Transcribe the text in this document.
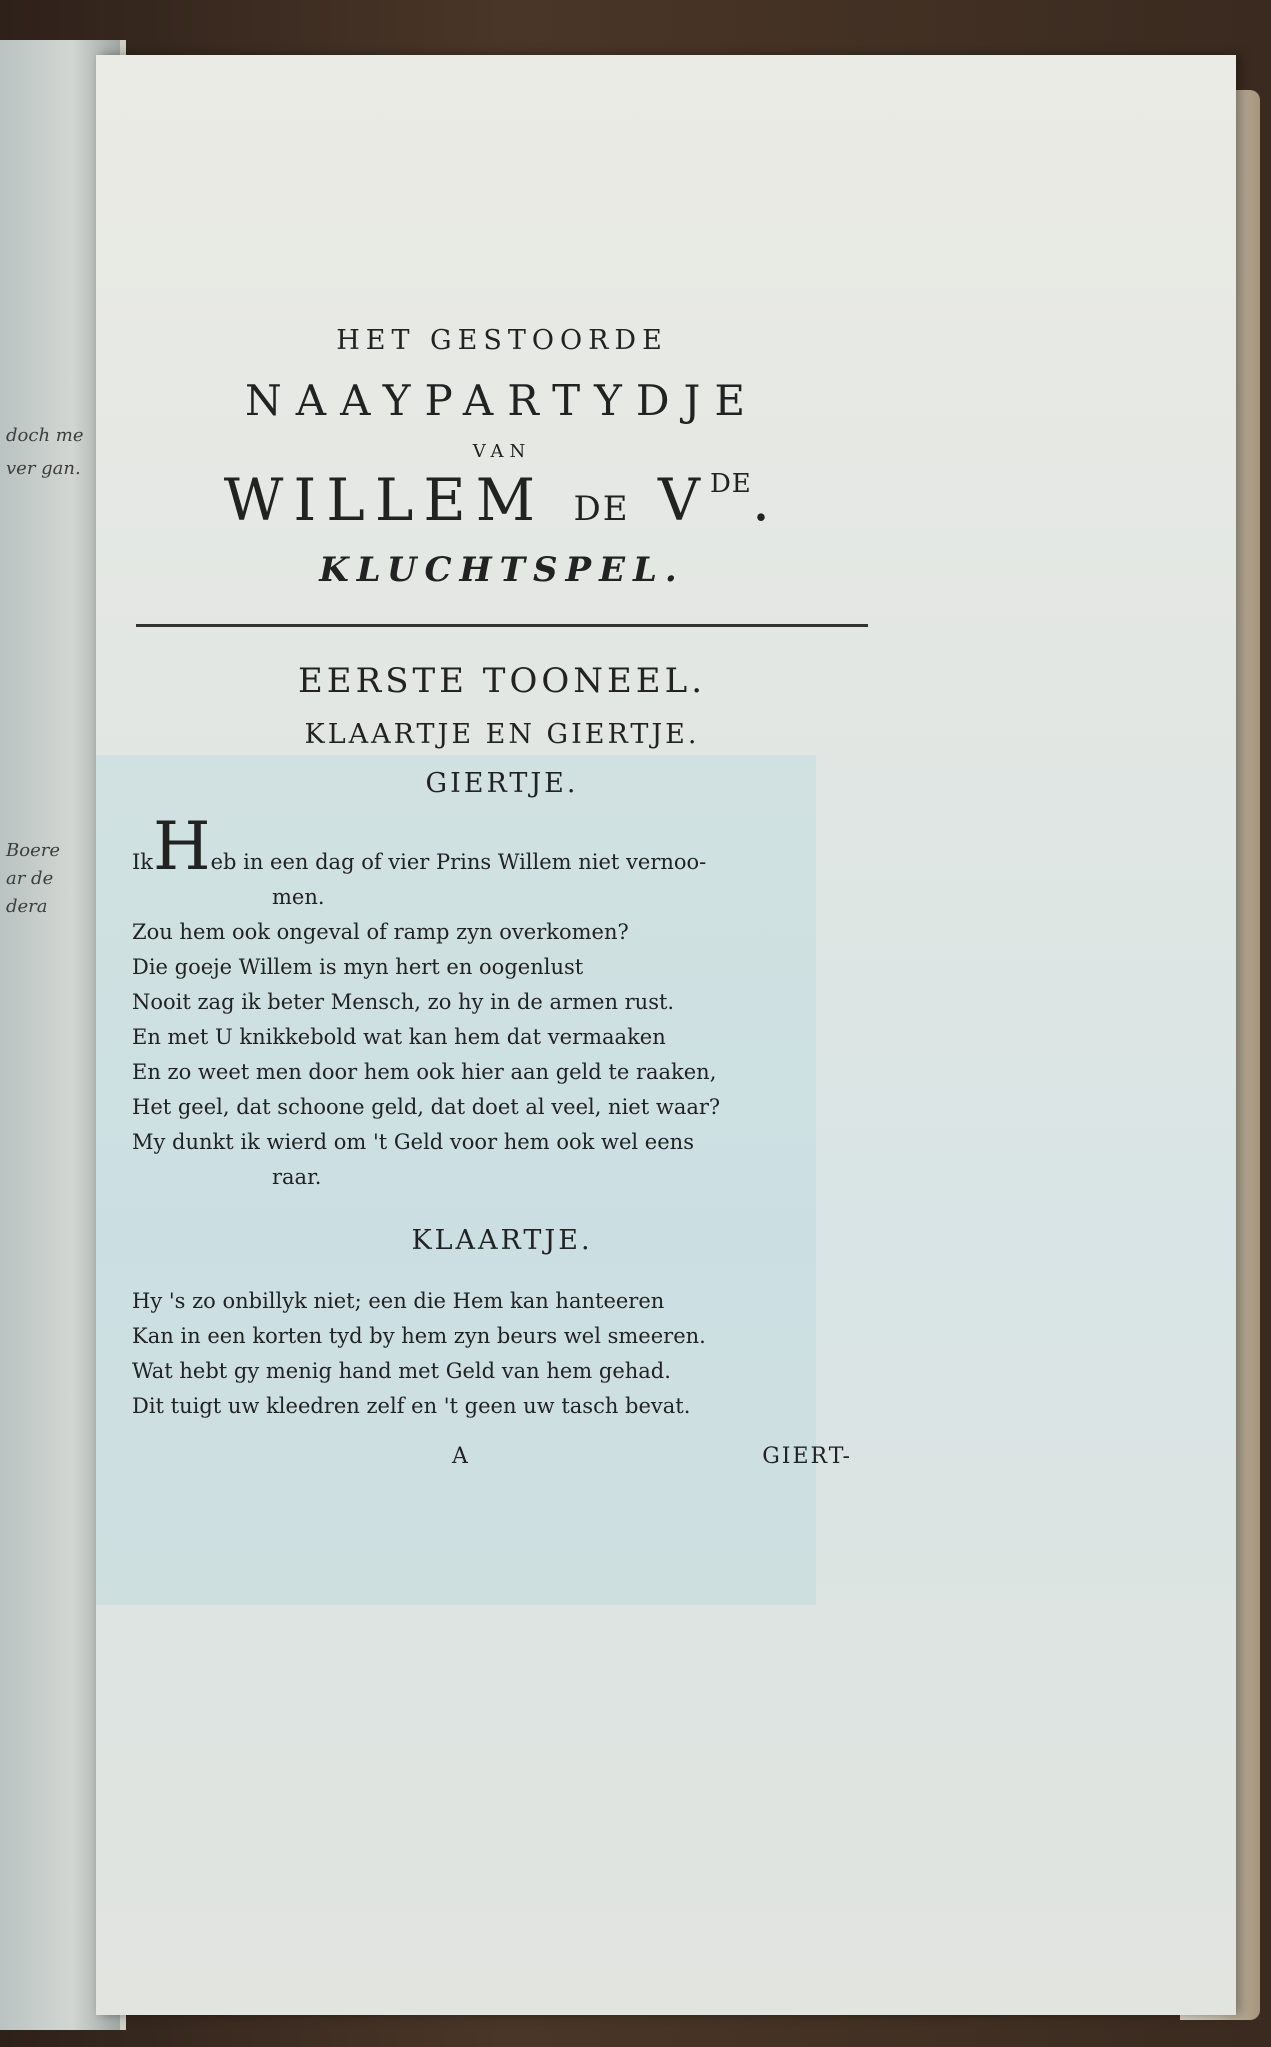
doch me
ver gan.
Boere
ar de
dera
HET GESTOORDE
NAAYPARTYDJE
VAN
WILLEM DE VDE.
KLUCHTSPEL.
EERSTE TOONEEL.
KLAARTJE EN GIERTJE.
GIERTJE.
IkHeb in een dag of vier Prins Willem niet vernoo-
men.
Zou hem ook ongeval of ramp zyn overkomen?
Die goeje Willem is myn hert en oogenlust
Nooit zag ik beter Mensch, zo hy in de armen rust.
En met U knikkebold wat kan hem dat vermaaken
En zo weet men door hem ook hier aan geld te raaken,
Het geel, dat schoone geld, dat doet al veel, niet waar?
My dunkt ik wierd om 't Geld voor hem ook wel eens
raar.
KLAARTJE.
Hy 's zo onbillyk niet; een die Hem kan hanteeren
Kan in een korten tyd by hem zyn beurs wel smeeren.
Wat hebt gy menig hand met Geld van hem gehad.
Dit tuigt uw kleedren zelf en 't geen uw tasch bevat.
A	GIERT-
